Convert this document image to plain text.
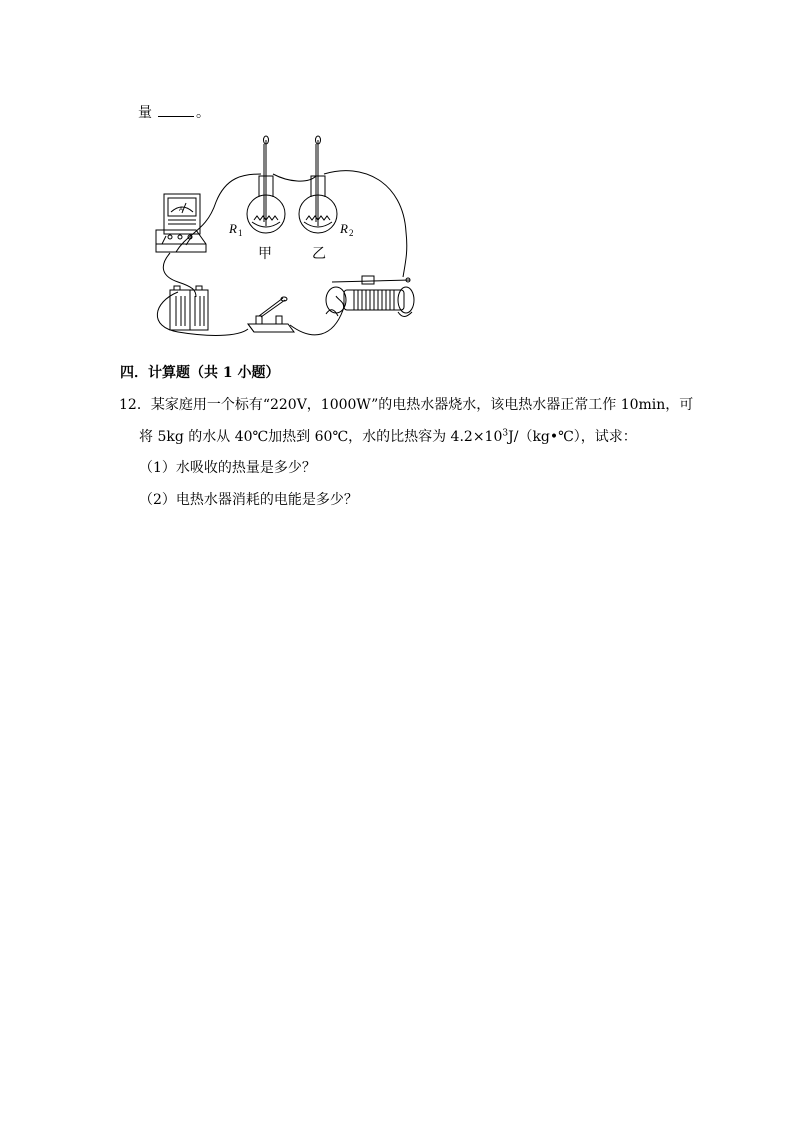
量	。
R 1	R 2
甲	乙
A
四．计算题（共 1 小题）
12．某家庭用一个标有“220V，1000W”的电热水器烧水，该电热水器正常工作 10min，可
将 5kg 的水从 40℃加热到 60℃，水的比热容为 $4.2\times 10^3J/(kg•℃)$，试求：
（1）水吸收的热量是多少？
（2）电热水器消耗的电能是多少？
